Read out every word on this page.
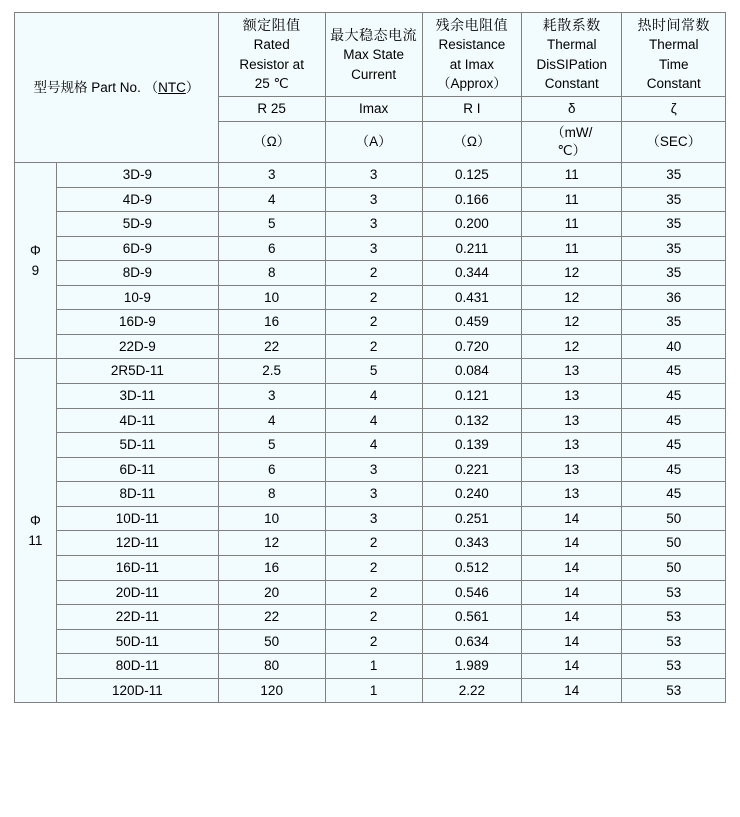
型号规格 Part No. （NTC）		额定阻值
Rated
Resistor at
25 ℃	最大稳态电流
Max State
Current	残余电阻值
Resistance
at Imax
（Approx）	耗散系数
Thermal
DisSIPation
Constant	热时间常数
Thermal
Time
Constant

		R 25	Imax	R I	δ	ζ
		（Ω）	（A）	（Ω）	（mW/
℃）	（SEC）

Φ
9	3D-9	3	3	0.125	11	35
	4D-9	4	3	0.166	11	35
	5D-9	5	3	0.200	11	35
	6D-9	6	3	0.211	11	35
	8D-9	8	2	0.344	12	35
	10-9	10	2	0.431	12	36
	16D-9	16	2	0.459	12	35
	22D-9	22	2	0.720	12	40

Φ
11	2R5D-11	2.5	5	0.084	13	45
	3D-11	3	4	0.121	13	45
	4D-11	4	4	0.132	13	45
	5D-11	5	4	0.139	13	45
	6D-11	6	3	0.221	13	45
	8D-11	8	3	0.240	13	45
	10D-11	10	3	0.251	14	50
	12D-11	12	2	0.343	14	50
	16D-11	16	2	0.512	14	50
	20D-11	20	2	0.546	14	53
	22D-11	22	2	0.561	14	53
	50D-11	50	2	0.634	14	53
	80D-11	80	1	1.989	14	53
	120D-11	120	1	2.22	14	53
